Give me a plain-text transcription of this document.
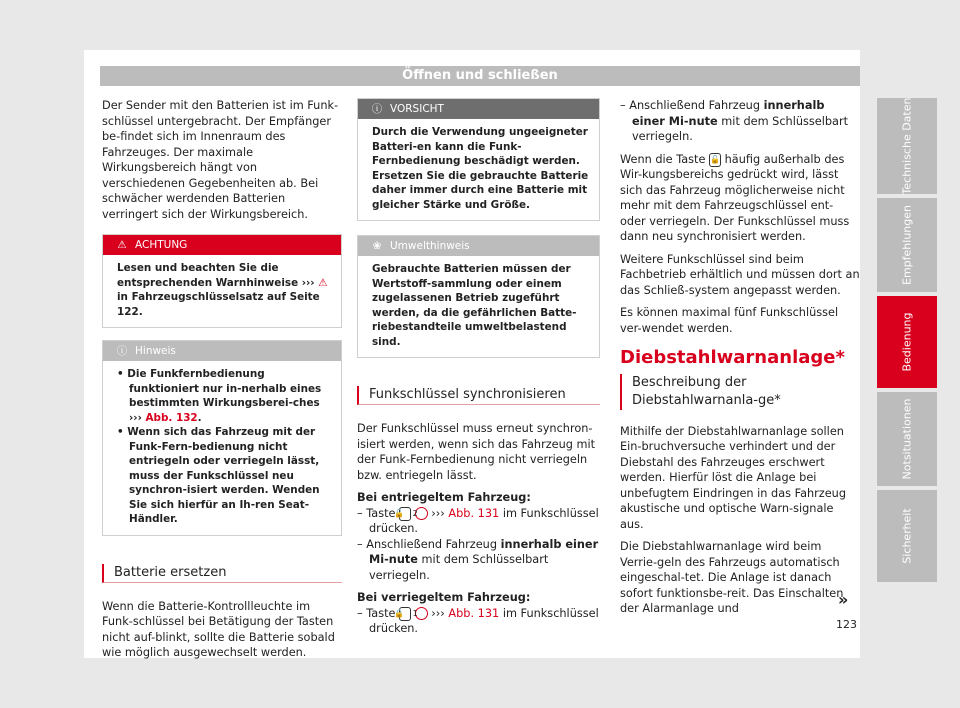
Öffnen und schließen

Der Sender mit den Batterien ist im Funk-schlüssel untergebracht. Der Empfänger be-findet sich im Innenraum des Fahrzeuges. Der maximale Wirkungsbereich hängt von verschiedenen Gegebenheiten ab. Bei schwächer werdenden Batterien verringert sich der Wirkungsbereich.

⚠ ACHTUNG
Lesen und beachten Sie die entsprechenden Warnhinweise ››› ⚠ in Fahrzeugschlüsselsatz auf Seite 122.
ⓘ Hinweis
• Die Funkfernbedienung funktioniert nur in-nerhalb eines bestimmten Wirkungsberei-ches ››› Abb. 132.
• Wenn sich das Fahrzeug mit der Funk-Fern-bedienung nicht entriegeln oder verriegeln lässt, muss der Funkschlüssel neu synchron-isiert werden. Wenden Sie sich hierfür an Ih-ren Seat-Händler.
Batterie ersetzen

Wenn die Batterie-Kontrollleuchte im Funk-schlüssel bei Betätigung der Tasten nicht auf-blinkt, sollte die Batterie sobald wie möglich ausgewechselt werden.

ⓘ VORSICHT
Durch die Verwendung ungeeigneter Batteri-en kann die Funk-Fernbedienung beschädigt werden. Ersetzen Sie die gebrauchte Batterie daher immer durch eine Batterie mit gleicher Stärke und Größe.
❀ Umwelthinweis
Gebrauchte Batterien müssen der Wertstoff-sammlung oder einem zugelassenen Betrieb zugeführt werden, da die gefährlichen Batte-riebestandteile umweltbelastend sind.
Funkschlüssel synchronisieren

Der Funkschlüssel muss erneut synchron-isiert werden, wenn sich das Fahrzeug mit der Funk-Fernbedienung nicht verriegeln bzw. entriegeln lässt.

Bei entriegeltem Fahrzeug:
– Taste 🔓 2 ››› Abb. 131 im Funkschlüssel drücken.
– Anschließend Fahrzeug innerhalb einer Mi-nute mit dem Schlüsselbart verriegeln.
Bei verriegeltem Fahrzeug:
– Taste 🔒 1 ››› Abb. 131 im Funkschlüssel drücken.
– Anschließend Fahrzeug innerhalb einer Mi-nute mit dem Schlüsselbart verriegeln.

Wenn die Taste 🔓 häufig außerhalb des Wir-kungsbereichs gedrückt wird, lässt sich das Fahrzeug möglicherweise nicht mehr mit dem Fahrzeugschlüssel ent- oder verriegeln. Der Funkschlüssel muss dann neu synchronisiert werden.

Weitere Funkschlüssel sind beim Fachbetrieb erhältlich und müssen dort an das Schließ-system angepasst werden.

Es können maximal fünf Funkschlüssel ver-wendet werden.

Diebstahlwarnanlage*
Beschreibung der Diebstahlwarnanla-ge*

Mithilfe der Diebstahlwarnanlage sollen Ein-bruchversuche verhindert und der Diebstahl des Fahrzeuges erschwert werden. Hierfür löst die Anlage bei unbefugtem Eindringen in das Fahrzeug akustische und optische Warn-signale aus.

Die Diebstahlwarnanlage wird beim Verrie-geln des Fahrzeugs automatisch eingeschal-tet. Die Anlage ist danach sofort funktionsbe-reit. Das Einschalten der Alarmanlage und	»
123
Technische Daten
Empfehlungen
Bedienung
Notsituationen
Sicherheit
